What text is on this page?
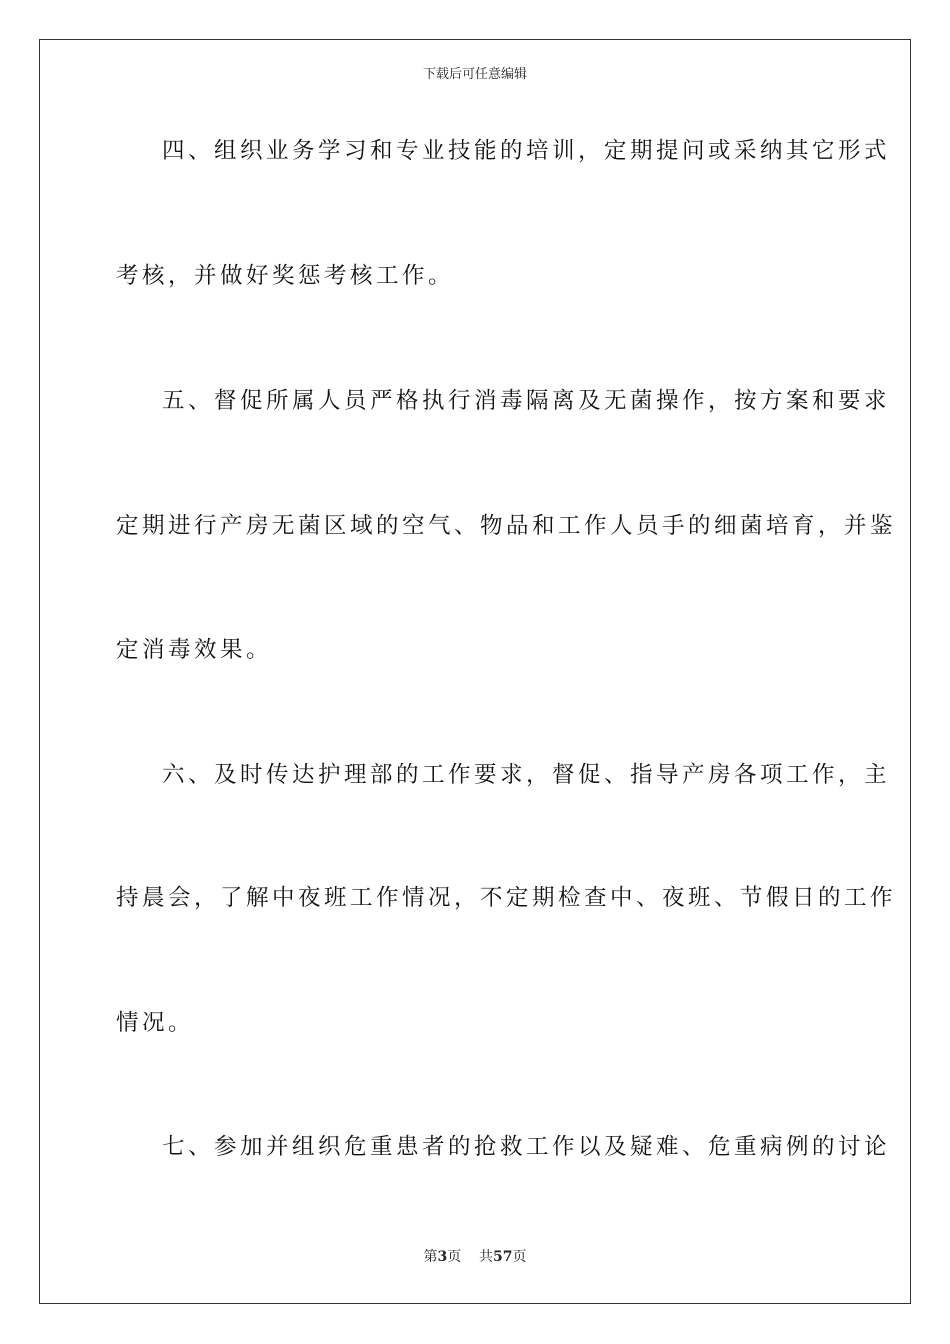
下载后可任意编辑
四、组织业务学习和专业技能的培训，定期提问或采纳其它形式
考核，并做好奖惩考核工作。
五、督促所属人员严格执行消毒隔离及无菌操作，按方案和要求
定期进行产房无菌区域的空气、物品和工作人员手的细菌培育，并鉴
定消毒效果。
六、及时传达护理部的工作要求，督促、指导产房各项工作，主
持晨会，了解中夜班工作情况，不定期检查中、夜班、节假日的工作
情况。
七、参加并组织危重患者的抢救工作以及疑难、危重病例的讨论
第3页 共57页
